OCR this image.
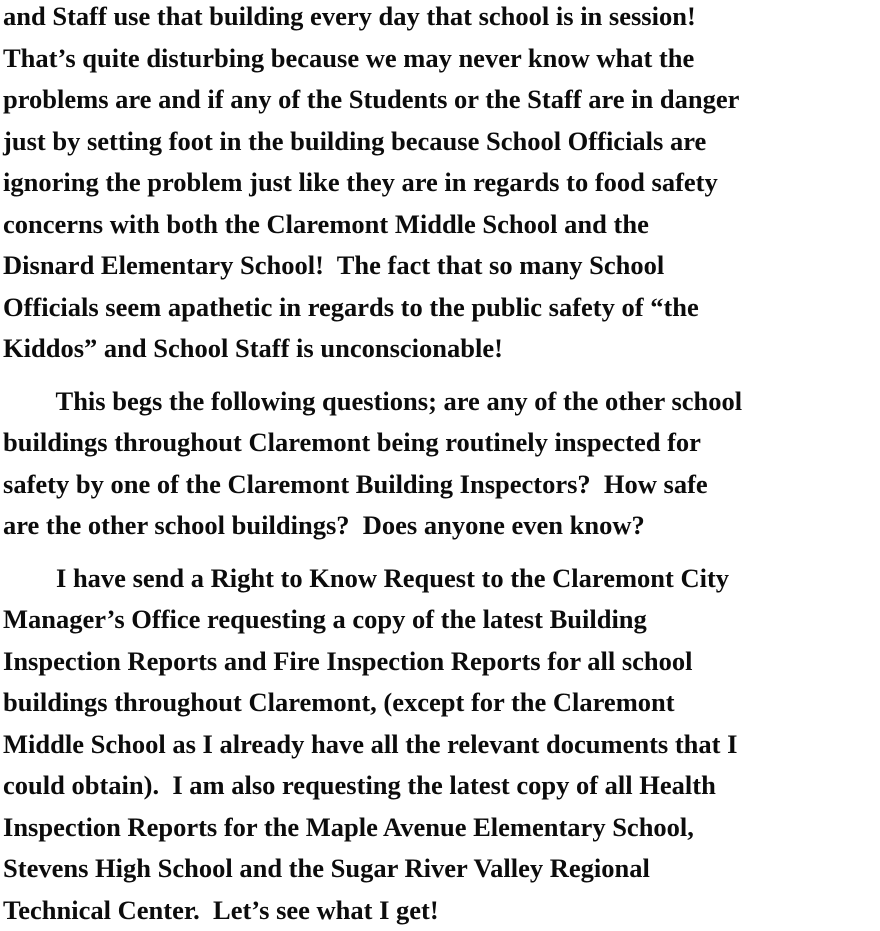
and Staff use that building every day that school is in session!
That’s quite disturbing because we may never know what the
problems are and if any of the Students or the Staff are in danger
just by setting foot in the building because School Officials are
ignoring the problem just like they are in regards to food safety
concerns with both the Claremont Middle School and the
Disnard Elementary School!  The fact that so many School
Officials seem apathetic in regards to the public safety of “the
Kiddos” and School Staff is unconscionable!

This begs the following questions; are any of the other school
buildings throughout Claremont being routinely inspected for
safety by one of the Claremont Building Inspectors?  How safe
are the other school buildings?  Does anyone even know?

I have send a Right to Know Request to the Claremont City
Manager’s Office requesting a copy of the latest Building
Inspection Reports and Fire Inspection Reports for all school
buildings throughout Claremont, (except for the Claremont
Middle School as I already have all the relevant documents that I
could obtain).  I am also requesting the latest copy of all Health
Inspection Reports for the Maple Avenue Elementary School,
Stevens High School and the Sugar River Valley Regional
Technical Center.  Let’s see what I get!
